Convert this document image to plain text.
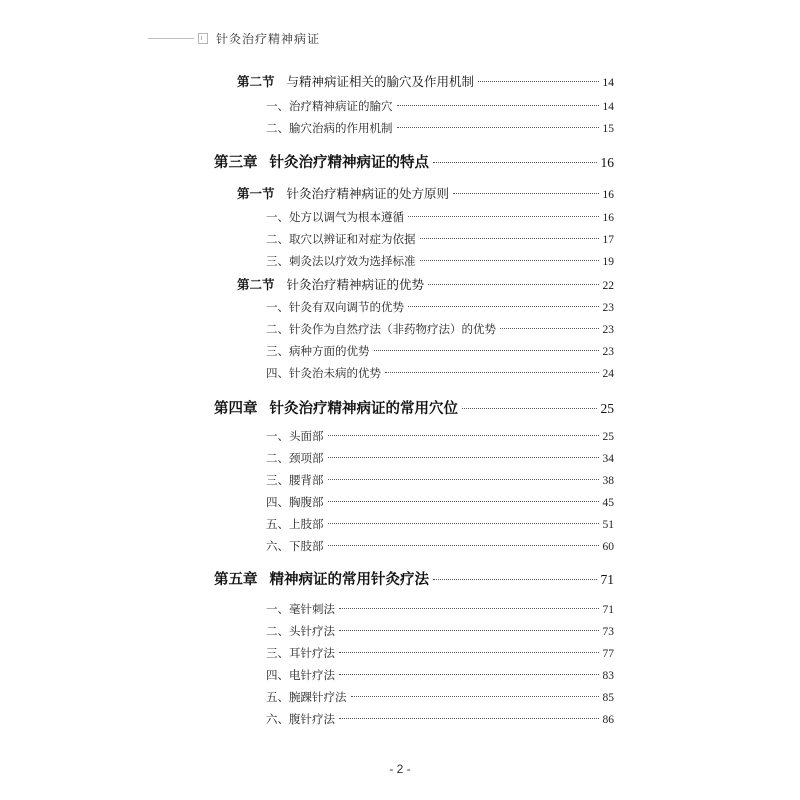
针灸治疗精神病证
第二节 与精神病证相关的腧穴及作用机制	14
一、治疗精神病证的腧穴	14
二、腧穴治病的作用机制	15
第三章 针灸治疗精神病证的特点	16
第一节 针灸治疗精神病证的处方原则	16
一、处方以调气为根本遵循	16
二、取穴以辨证和对症为依据	17
三、刺灸法以疗效为选择标准	19
第二节 针灸治疗精神病证的优势	22
一、针灸有双向调节的优势	23
二、针灸作为自然疗法（非药物疗法）的优势	23
三、病种方面的优势	23
四、针灸治未病的优势	24
第四章 针灸治疗精神病证的常用穴位	25
一、头面部	25
二、颈项部	34
三、腰背部	38
四、胸腹部	45
五、上肢部	51
六、下肢部	60
第五章 精神病证的常用针灸疗法	71
一、毫针刺法	71
二、头针疗法	73
三、耳针疗法	77
四、电针疗法	83
五、腕踝针疗法	85
六、腹针疗法	86
- 2 -
